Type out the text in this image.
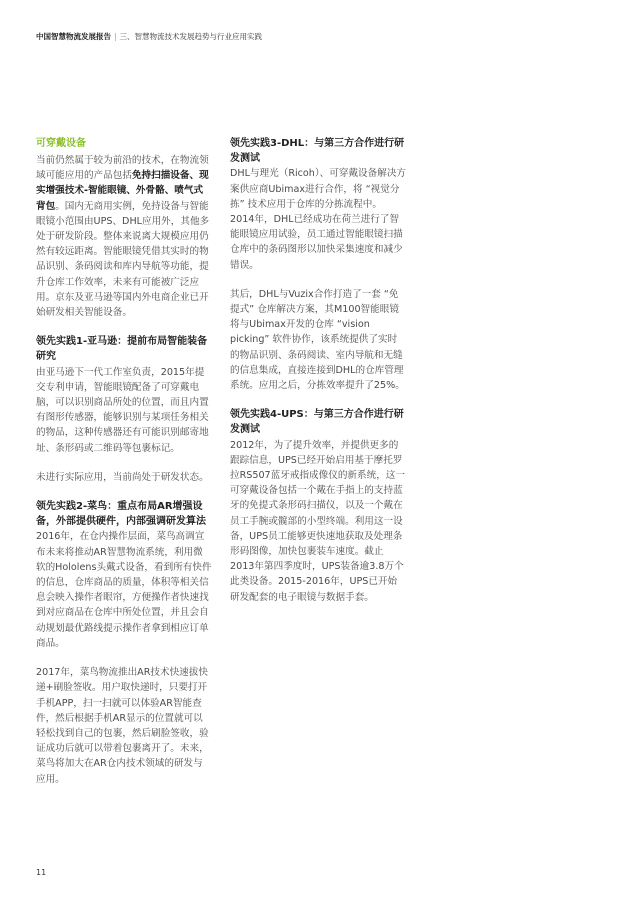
中国智慧物流发展报告 | 三、智慧物流技术发展趋势与行业应用实践
可穿戴设备

当前仍然属于较为前沿的技术，在物流领域可能应用的产品包括免持扫描设备、现实增强技术-智能眼镜、外骨骼、喷气式背包。国内无商用实例，免持设备与智能眼镜小范围由UPS、DHL应用外，其他多处于研发阶段。整体来说离大规模应用仍然有较远距离。智能眼镜凭借其实时的物品识别、条码阅读和库内导航等功能，提升仓库工作效率，未来有可能被广泛应用。京东及亚马逊等国内外电商企业已开始研发相关智能设备。

领先实践1-亚马逊：提前布局智能装备研究

由亚马逊下一代工作室负责，2015年提交专利申请，智能眼镜配备了可穿戴电脑，可以识别商品所处的位置，而且内置有图形传感器，能够识别与某项任务相关的物品，这种传感器还有可能识别邮寄地址、条形码或二维码等包裹标记。

未进行实际应用，当前尚处于研发状态。

领先实践2-菜鸟：重点布局AR增强设备，外部提供硬件，内部强调研发算法

2016年，在仓内操作层面，菜鸟高调宣布未来将推动AR智慧物流系统，利用微软的Hololens头戴式设备，看到所有快件的信息，仓库商品的质量，体积等相关信息会映入操作者眼帘，方便操作者快速找到对应商品在仓库中所处位置，并且会自动规划最优路线提示操作者拿到相应订单商品。

2017年，菜鸟物流推出AR技术快速拔快递+刷脸签收。用户取快递时，只要打开手机APP，扫一扫就可以体验AR智能查件，然后根据手机AR显示的位置就可以轻松找到自己的包裹，然后刷脸签收，验证成功后就可以带着包裹离开了。未来，菜鸟将加大在AR仓内技术领域的研发与应用。

领先实践3-DHL：与第三方合作进行研发测试

DHL与理光（Ricoh）、可穿戴设备解决方案供应商Ubimax进行合作，将 “视觉分拣” 技术应用于仓库的分拣流程中。2014年，DHL已经成功在荷兰进行了智能眼镜应用试验，员工通过智能眼镜扫描仓库中的条码图形以加快采集速度和减少错误。

其后，DHL与Vuzix合作打造了一套 “免提式” 仓库解决方案，其M100智能眼镜将与Ubimax开发的仓库 “vision picking” 软件协作，该系统提供了实时的物品识别、条码阅读、室内导航和无缝的信息集成，直接连接到DHL的仓库管理系统。应用之后，分拣效率提升了25%。

领先实践4-UPS：与第三方合作进行研发测试

2012年，为了提升效率，并提供更多的跟踪信息，UPS已经开始启用基于摩托罗拉RS507蓝牙戒指成像仪的新系统，这一可穿戴设备包括一个戴在手指上的支持蓝牙的免提式条形码扫描仪，以及一个戴在员工手腕或髋部的小型终端。利用这一设备，UPS员工能够更快速地获取及处理条形码图像，加快包裹装车速度。截止2013年第四季度时，UPS装备逾3.8万个此类设备。2015-2016年，UPS已开始研发配套的电子眼镜与数据手套。

11
